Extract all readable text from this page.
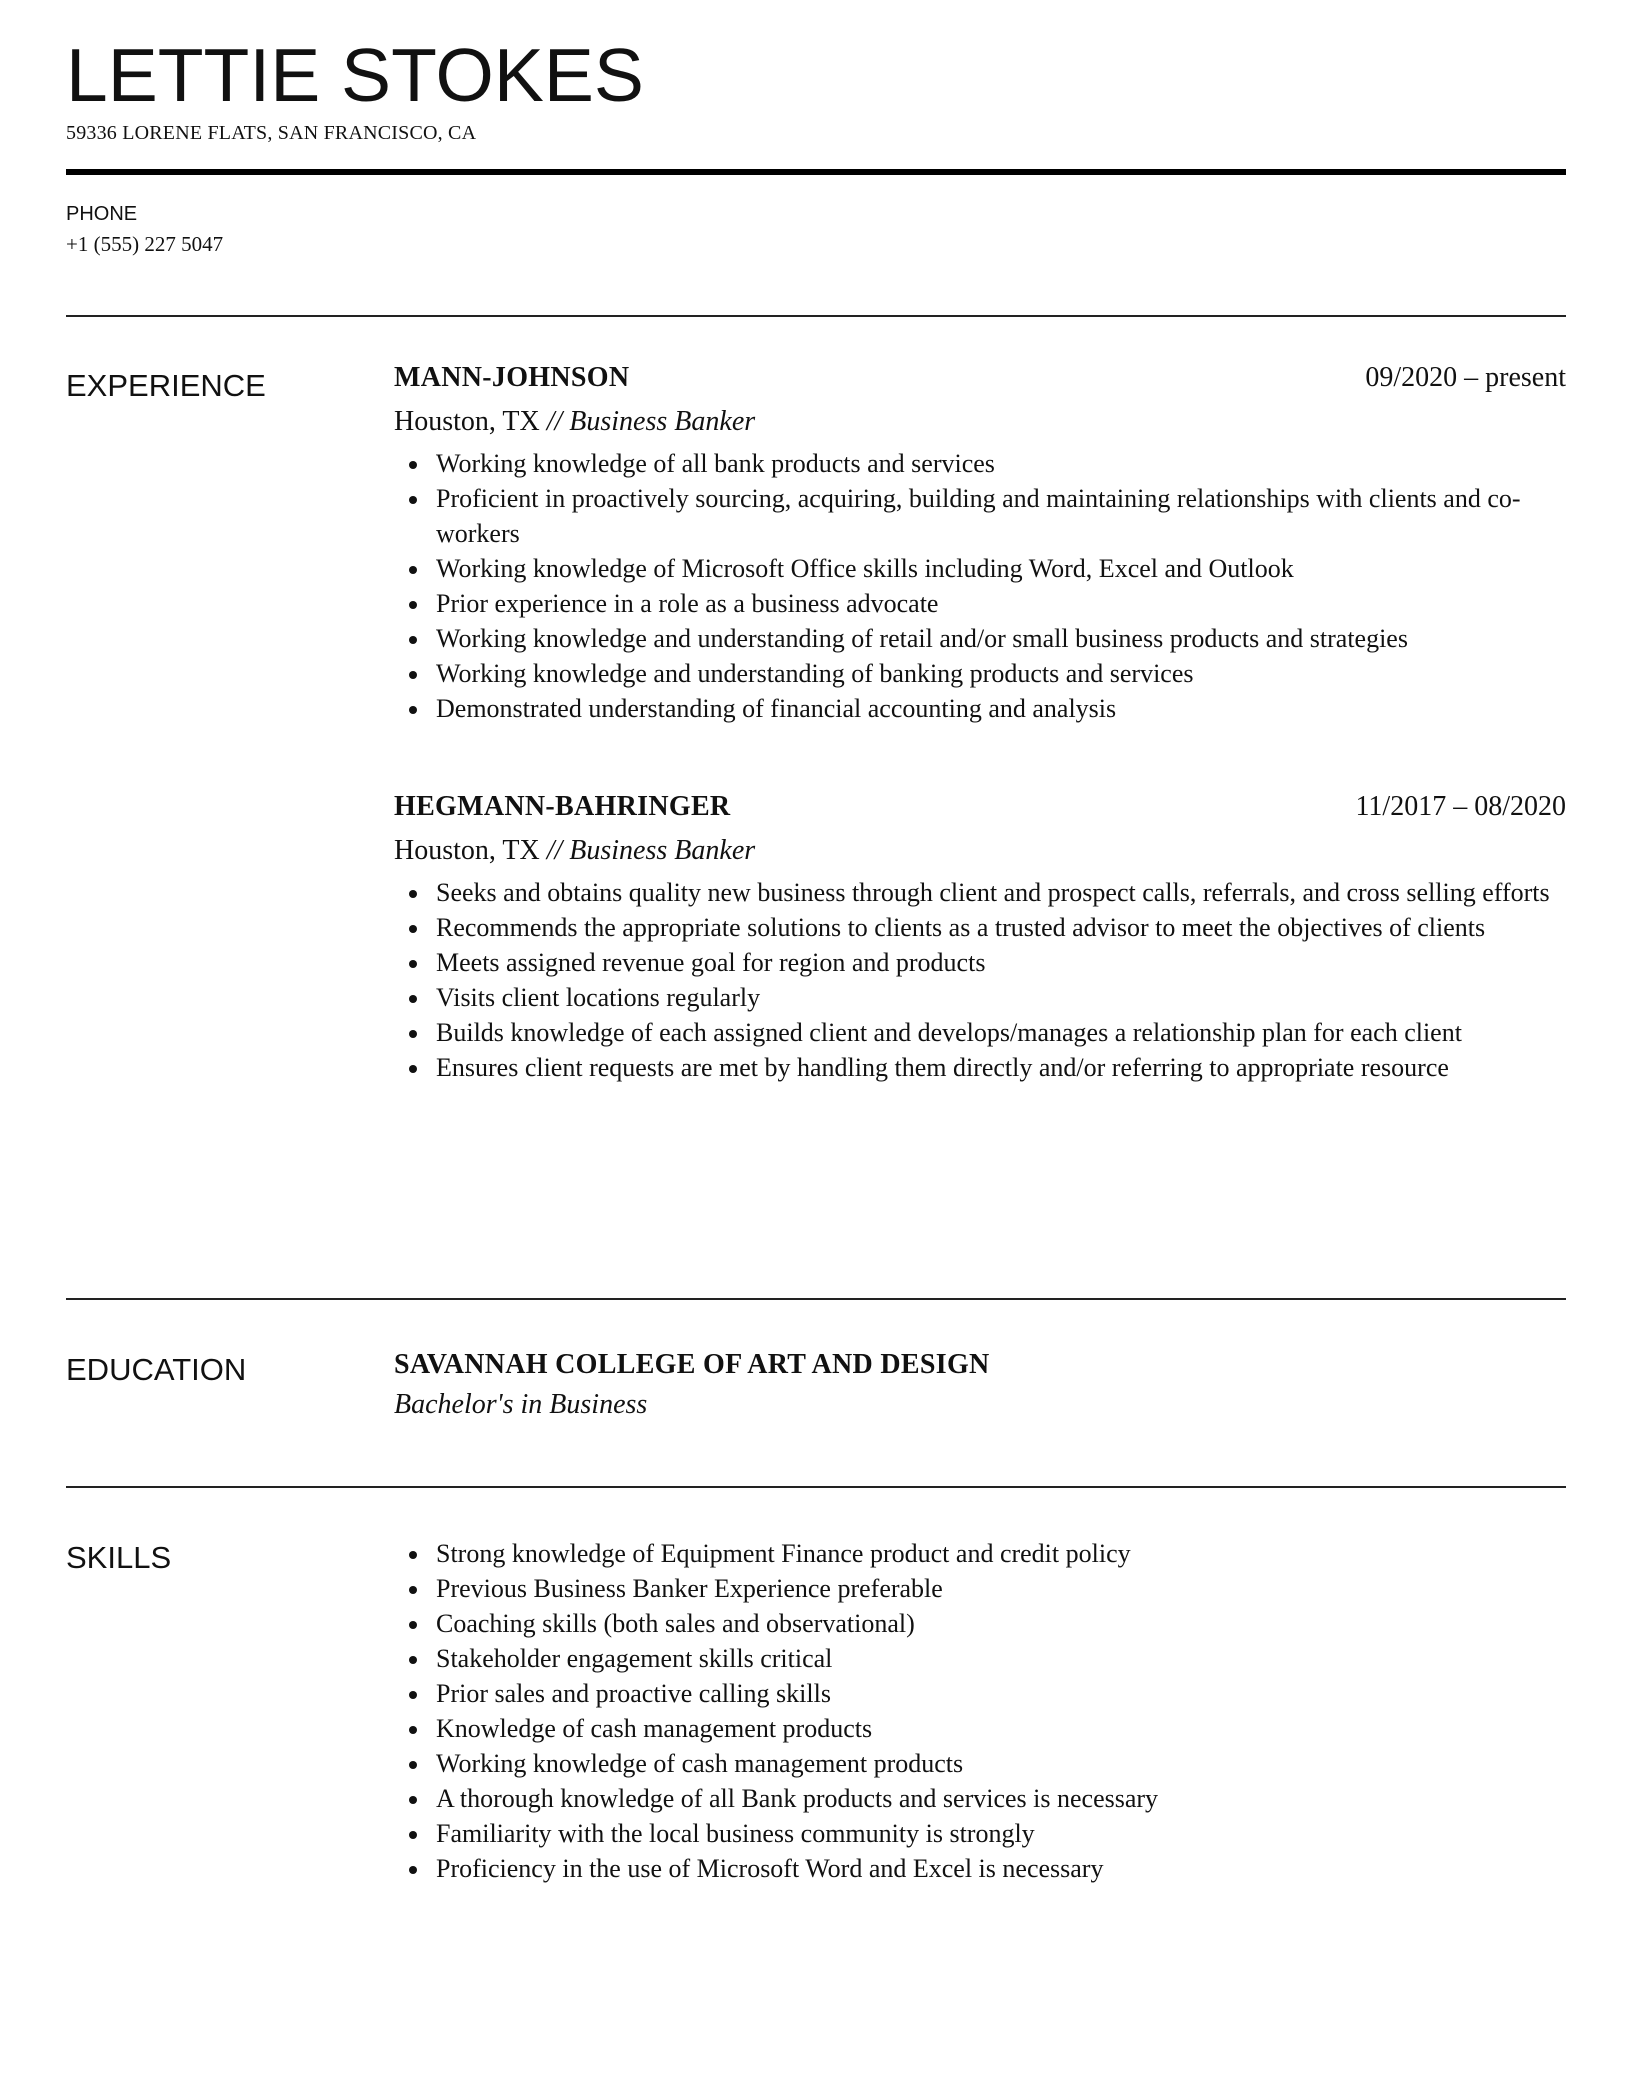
LETTIE STOKES
59336 LORENE FLATS, SAN FRANCISCO, CA
PHONE
+1 (555) 227 5047
EXPERIENCE	MANN-JOHNSON	09/2020 – present
Houston, TX // Business Banker
Working knowledge of all bank products and services
Proficient in proactively sourcing, acquiring, building and maintaining relationships with clients and co-workers
Working knowledge of Microsoft Office skills including Word, Excel and Outlook
Prior experience in a role as a business advocate
Working knowledge and understanding of retail and/or small business products and strategies
Working knowledge and understanding of banking products and services
Demonstrated understanding of financial accounting and analysis
HEGMANN-BAHRINGER	11/2017 – 08/2020
Houston, TX // Business Banker
Seeks and obtains quality new business through client and prospect calls, referrals, and cross selling efforts
Recommends the appropriate solutions to clients as a trusted advisor to meet the objectives of clients
Meets assigned revenue goal for region and products
Visits client locations regularly
Builds knowledge of each assigned client and develops/manages a relationship plan for each client
Ensures client requests are met by handling them directly and/or referring to appropriate resource
EDUCATION	SAVANNAH COLLEGE OF ART AND DESIGN
Bachelor's in Business
SKILLS	Strong knowledge of Equipment Finance product and credit policy
Previous Business Banker Experience preferable
Coaching skills (both sales and observational)
Stakeholder engagement skills critical
Prior sales and proactive calling skills
Knowledge of cash management products
Working knowledge of cash management products
A thorough knowledge of all Bank products and services is necessary
Familiarity with the local business community is strongly
Proficiency in the use of Microsoft Word and Excel is necessary
